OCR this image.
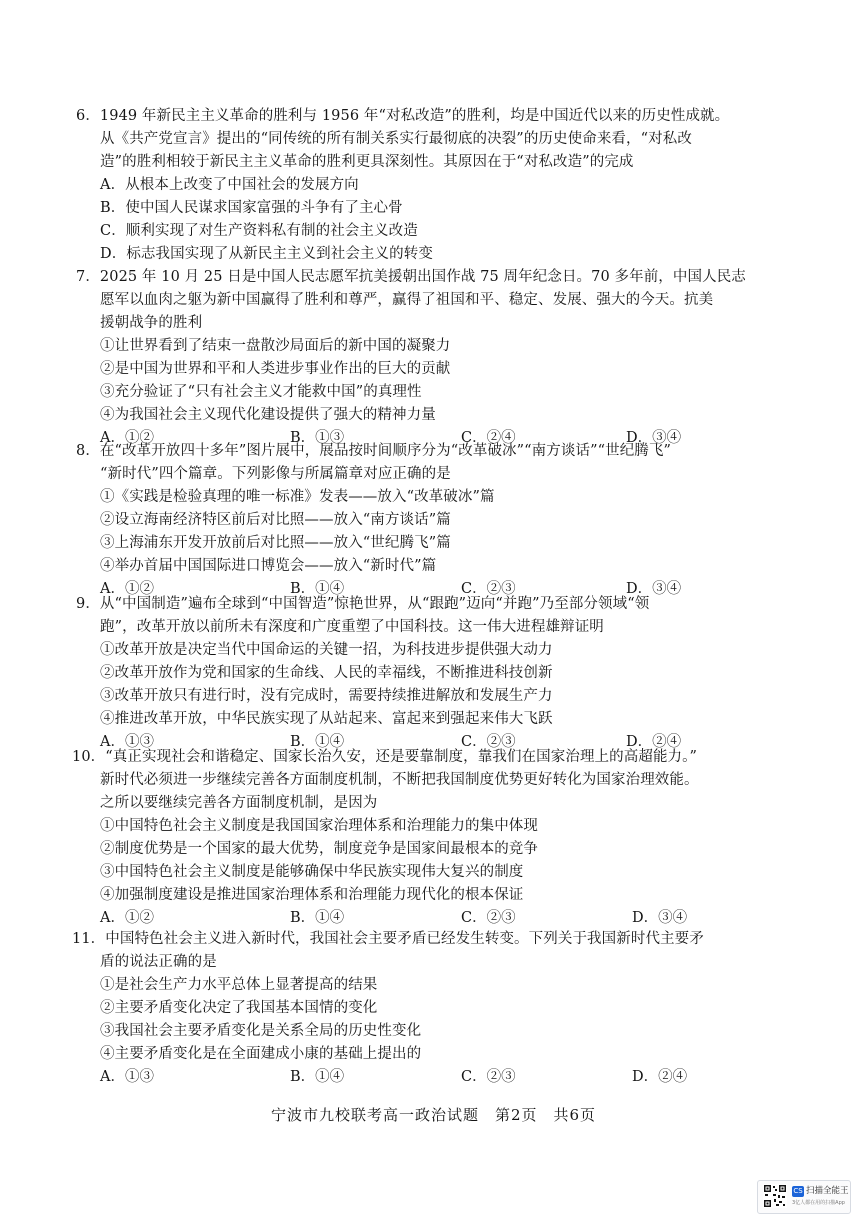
6．1949 年新民主主义革命的胜利与 1956 年“对私改造”的胜利，均是中国近代以来的历史性成就。
从《共产党宣言》提出的“同传统的所有制关系实行最彻底的决裂”的历史使命来看，“对私改
造”的胜利相较于新民主主义革命的胜利更具深刻性。其原因在于“对私改造”的完成
A．从根本上改变了中国社会的发展方向
B．使中国人民谋求国家富强的斗争有了主心骨
C．顺利实现了对生产资料私有制的社会主义改造
D．标志我国实现了从新民主主义到社会主义的转变
7．2025 年 10 月 25 日是中国人民志愿军抗美援朝出国作战 75 周年纪念日。70 多年前，中国人民志
愿军以血肉之躯为新中国赢得了胜利和尊严，赢得了祖国和平、稳定、发展、强大的今天。抗美
援朝战争的胜利
①让世界看到了结束一盘散沙局面后的新中国的凝聚力
②是中国为世界和平和人类进步事业作出的巨大的贡献
③充分验证了“只有社会主义才能救中国”的真理性
④为我国社会主义现代化建设提供了强大的精神力量
A．①②	B．①③	C．②④	D．③④
8．在“改革开放四十多年”图片展中，展品按时间顺序分为“改革破冰”“南方谈话”“世纪腾飞”
“新时代”四个篇章。下列影像与所属篇章对应正确的是
①《实践是检验真理的唯一标准》发表——放入“改革破冰”篇
②设立海南经济特区前后对比照——放入“南方谈话”篇
③上海浦东开发开放前后对比照——放入“世纪腾飞”篇
④举办首届中国国际进口博览会——放入“新时代”篇
A．①②	B．①④	C．②③	D．③④
9．从“中国制造”遍布全球到“中国智造”惊艳世界，从“跟跑”迈向“并跑”乃至部分领域“领
跑”，改革开放以前所未有深度和广度重塑了中国科技。这一伟大进程雄辩证明
①改革开放是决定当代中国命运的关键一招，为科技进步提供强大动力
②改革开放作为党和国家的生命线、人民的幸福线，不断推进科技创新
③改革开放只有进行时，没有完成时，需要持续推进解放和发展生产力
④推进改革开放，中华民族实现了从站起来、富起来到强起来伟大飞跃
A．①③	B．①④	C．②③	D．②④
10．“真正实现社会和谐稳定、国家长治久安，还是要靠制度，靠我们在国家治理上的高超能力。”
新时代必须进一步继续完善各方面制度机制，不断把我国制度优势更好转化为国家治理效能。
之所以要继续完善各方面制度机制，是因为
①中国特色社会主义制度是我国国家治理体系和治理能力的集中体现
②制度优势是一个国家的最大优势，制度竞争是国家间最根本的竞争
③中国特色社会主义制度是能够确保中华民族实现伟大复兴的制度
④加强制度建设是推进国家治理体系和治理能力现代化的根本保证
A．①②	B．①④	C．②③	D．③④
11．中国特色社会主义进入新时代，我国社会主要矛盾已经发生转变。下列关于我国新时代主要矛
盾的说法正确的是
①是社会生产力水平总体上显著提高的结果
②主要矛盾变化决定了我国基本国情的变化
③我国社会主要矛盾变化是关系全局的历史性变化
④主要矛盾变化是在全面建成小康的基础上提出的
A．①③	B．①④	C．②③	D．②④
宁波市九校联考高一政治试题　第2页　共6页
CS 扫描全能王
3亿人都在用的扫描App
